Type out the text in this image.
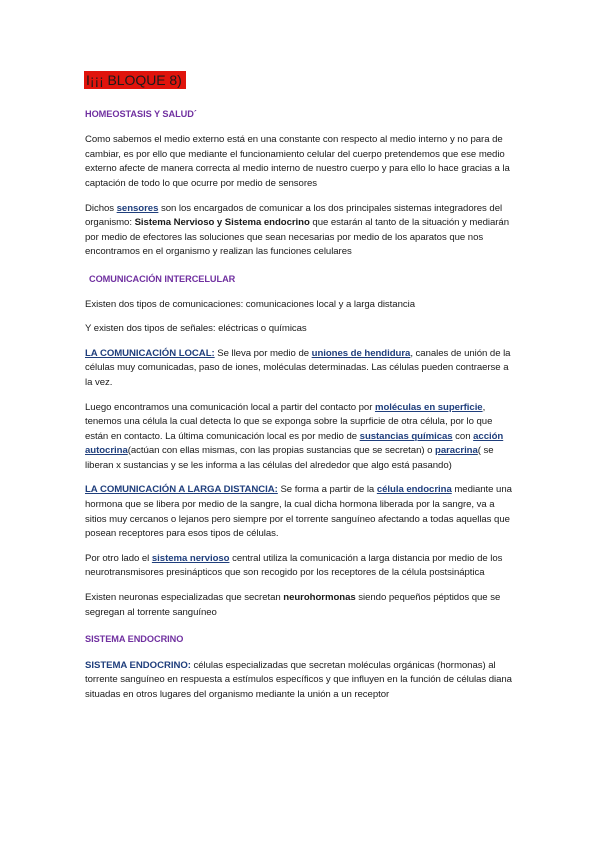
I¡¡¡ BLOQUE 8)

HOMEOSTASIS Y SALUD´

Como sabemos el medio externo está en una constante con respecto al medio interno y no para de cambiar, es por ello que mediante el funcionamiento celular del cuerpo pretendemos que ese medio externo afecte de manera correcta al medio interno de nuestro cuerpo y para ello lo hace gracias a la captación de todo lo que ocurre por medio de sensores

Dichos sensores son los encargados de comunicar a los dos principales sistemas integradores del organismo: Sistema Nervioso y Sistema endocrino que estarán al tanto de la situación y mediarán por medio de efectores las soluciones que sean necesarias por medio de los aparatos que nos encontramos en el organismo y realizan las funciones celulares

COMUNICACIÓN INTERCELULAR

Existen dos tipos de comunicaciones: comunicaciones local y a larga distancia

Y existen dos tipos de señales: eléctricas o químicas

LA COMUNICACIÓN LOCAL: Se lleva por medio de uniones de hendidura, canales de unión de la células muy comunicadas, paso de iones, moléculas determinadas. Las células pueden contraerse a la vez.

Luego encontramos una comunicación local a partir del contacto por moléculas en superficie, tenemos una célula la cual detecta lo que se exponga sobre la suprficie de otra célula, por lo que están en contacto. La última comunicación local es por medio de sustancias químicas con acción autocrina(actúan con ellas mismas, con las propias sustancias que se secretan) o paracrina( se liberan x sustancias y se les informa a las células del alrededor que algo está pasando)

LA COMUNICACIÓN A LARGA DISTANCIA: Se forma a partir de la célula endocrina mediante una hormona que se libera por medio de la sangre, la cual dicha hormona liberada por la sangre, va a sitios muy cercanos o lejanos pero siempre por el torrente sanguíneo afectando a todas aquellas que posean receptores para esos tipos de células.

Por otro lado el sistema nervioso central utiliza la comunicación a larga distancia por medio de los neurotransmisores presinápticos que son recogido por los receptores de la célula postsináptica

Existen neuronas especializadas que secretan neurohormonas siendo pequeños péptidos que se segregan al torrente sanguíneo

SISTEMA ENDOCRINO

SISTEMA ENDOCRINO: células especializadas que secretan moléculas orgánicas (hormonas) al torrente sanguíneo en respuesta a estímulos específicos y que influyen en la función de células diana situadas en otros lugares del organismo mediante la unión a un receptor
